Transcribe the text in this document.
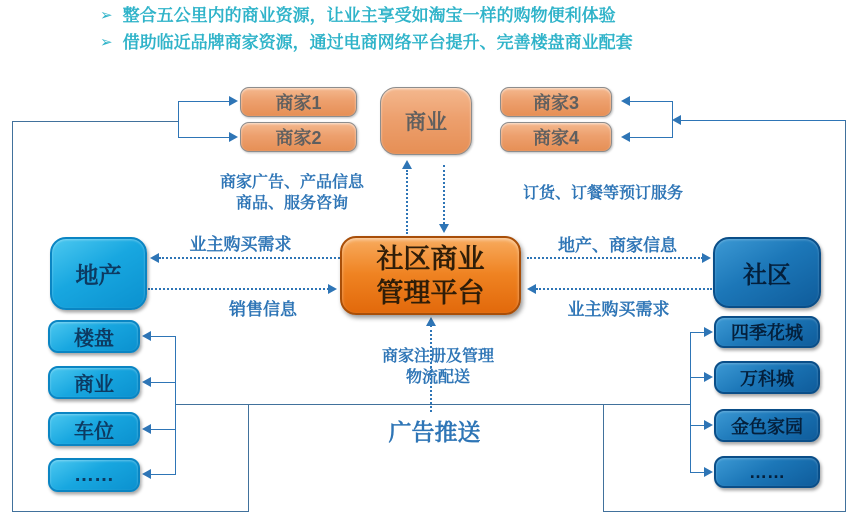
➢ 整合五公里内的商业资源，让业主享受如淘宝一样的购物便利体验
➢ 借助临近品牌商家资源，通过电商网络平台提升、完善楼盘商业配套
商家1
商家2
商业
商家3
商家4
社区商业
管理平台
地产
楼盘
商业
车位
……
社区
四季花城
万科城
金色家园
……
商家广告、产品信息
商品、服务咨询
订货、订餐等预订服务
业主购买需求
销售信息
地产、商家信息
业主购买需求
商家注册及管理
物流配送
广告推送
